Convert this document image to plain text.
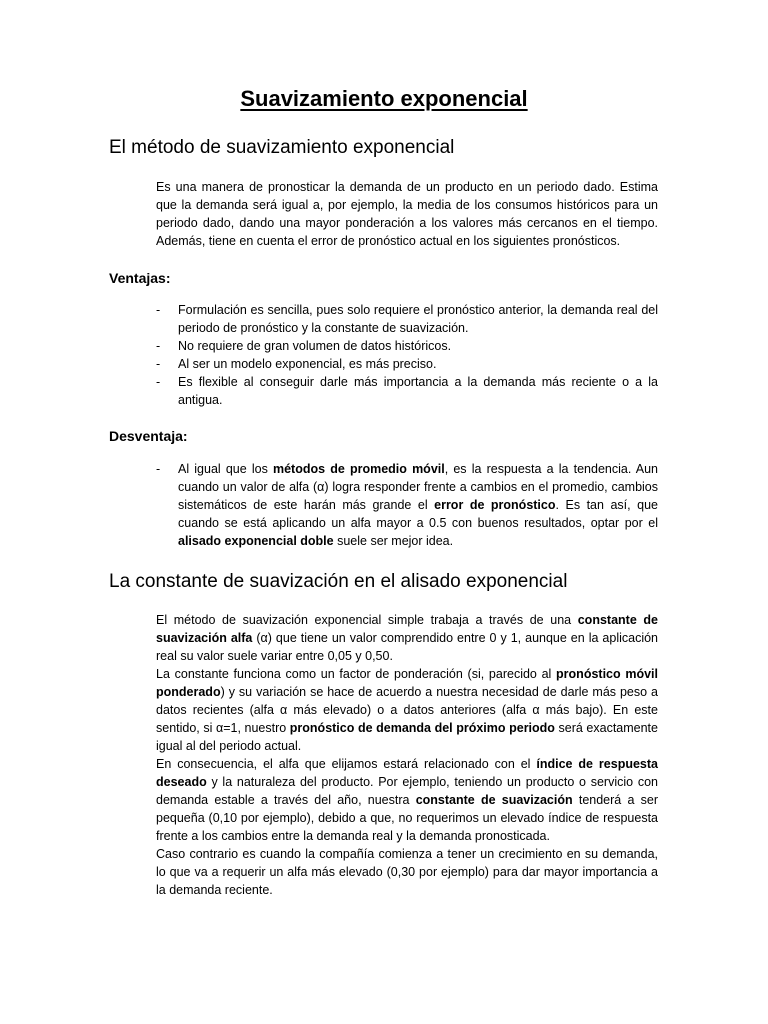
Suavizamiento exponencial
El método de suavizamiento exponencial

Es una manera de pronosticar la demanda de un producto en un periodo dado. Estima que la demanda será igual a, por ejemplo, la media de los consumos históricos para un periodo dado, dando una mayor ponderación a los valores más cercanos en el tiempo. Además, tiene en cuenta el error de pronóstico actual en los siguientes pronósticos.

Ventajas:
- Formulación es sencilla, pues solo requiere el pronóstico anterior, la demanda real del periodo de pronóstico y la constante de suavización.
- No requiere de gran volumen de datos históricos.
- Al ser un modelo exponencial, es más preciso.
- Es flexible al conseguir darle más importancia a la demanda más reciente o a la antigua.
Desventaja:
- Al igual que los métodos de promedio móvil, es la respuesta a la tendencia. Aun cuando un valor de alfa (α) logra responder frente a cambios en el promedio, cambios sistemáticos de este harán más grande el error de pronóstico. Es tan así, que cuando se está aplicando un alfa mayor a 0.5 con buenos resultados, optar por el alisado exponencial doble suele ser mejor idea.
La constante de suavización en el alisado exponencial
El método de suavización exponencial simple trabaja a través de una constante de suavización alfa (α) que tiene un valor comprendido entre 0 y 1, aunque en la aplicación real su valor suele variar entre 0,05 y 0,50.
La constante funciona como un factor de ponderación (si, parecido al pronóstico móvil ponderado) y su variación se hace de acuerdo a nuestra necesidad de darle más peso a datos recientes (alfa α más elevado) o a datos anteriores (alfa α más bajo). En este sentido, si α=1, nuestro pronóstico de demanda del próximo periodo será exactamente igual al del periodo actual.
En consecuencia, el alfa que elijamos estará relacionado con el índice de respuesta deseado y la naturaleza del producto. Por ejemplo, teniendo un producto o servicio con demanda estable a través del año, nuestra constante de suavización tenderá a ser pequeña (0,10 por ejemplo), debido a que, no requerimos un elevado índice de respuesta frente a los cambios entre la demanda real y la demanda pronosticada.
Caso contrario es cuando la compañía comienza a tener un crecimiento en su demanda, lo que va a requerir un alfa más elevado (0,30 por ejemplo) para dar mayor importancia a la demanda reciente.
